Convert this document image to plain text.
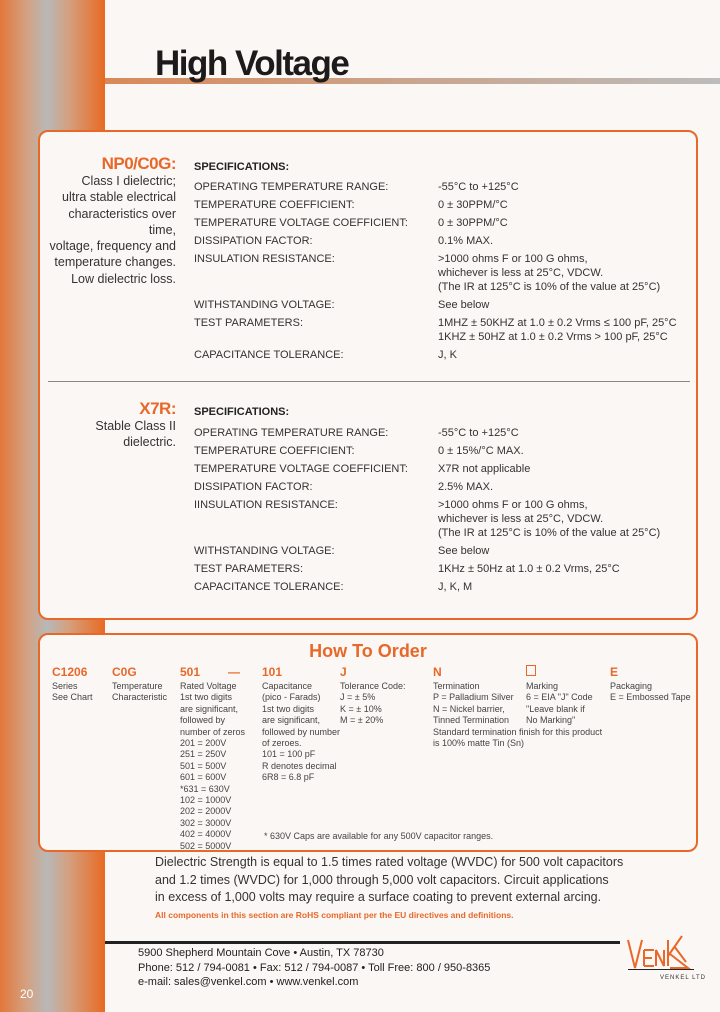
High Voltage
NP0/C0G:
Class I dielectric;
ultra stable electrical
characteristics over time,
voltage, frequency and
temperature changes.
Low dielectric loss.
SPECIFICATIONS:
OPERATING TEMPERATURE RANGE:	-55°C to +125°C
TEMPERATURE COEFFICIENT:	0 ± 30PPM/°C
TEMPERATURE VOLTAGE COEFFICIENT:	0 ± 30PPM/°C
DISSIPATION FACTOR:	0.1% MAX.
INSULATION RESISTANCE:	>1000 ohms F or 100 G ohms,
whichever is less at 25°C, VDCW.
(The IR at 125°C is 10% of the value at 25°C)
WITHSTANDING VOLTAGE:	See below
TEST PARAMETERS:	1MHZ ± 50KHZ at 1.0 ± 0.2 Vrms ≤ 100 pF, 25°C
1KHZ ± 50HZ at 1.0 ± 0.2 Vrms > 100 pF, 25°C
CAPACITANCE TOLERANCE:	J, K
X7R:
Stable Class II dielectric.
SPECIFICATIONS:
OPERATING TEMPERATURE RANGE:	-55°C to +125°C
TEMPERATURE COEFFICIENT:	0 ± 15%/°C MAX.
TEMPERATURE VOLTAGE COEFFICIENT:	X7R not applicable
DISSIPATION FACTOR:	2.5% MAX.
IINSULATION RESISTANCE:	>1000 ohms F or 100 G ohms,
whichever is less at 25°C, VDCW.
(The IR at 125°C is 10% of the value at 25°C)
WITHSTANDING VOLTAGE:	See below
TEST PARAMETERS:	1KHz ± 50Hz at 1.0 ± 0.2 Vrms, 25°C
CAPACITANCE TOLERANCE:	J, K, M
How To Order
* 630V Caps are available for any 500V capacitor ranges.
C1206
Series
See Chart
C0G
Temperature
Characteristic
501
Rated Voltage
1st two digits
are significant,
followed by
number of zeros
201 = 200V
251 = 250V
501 = 500V
601 = 600V
*631 = 630V
102 = 1000V
202 = 2000V
302 = 3000V
402 = 4000V
502 = 5000V
— 101
Capacitance
(pico - Farads)
1st two digits
are significant,
followed by number
of zeroes.
101 = 100 pF
R denotes decimal
6R8 = 6.8 pF
J
Tolerance Code:
J = ± 5%
K = ± 10%
M = ± 20%
N
Termination
P = Palladium Silver
N = Nickel barrier,
Tinned Termination
Standard termination finish for this product
is 100% matte Tin (Sn)
Marking
6 = EIA "J" Code
"Leave blank if
No Marking"
E
Packaging
E = Embossed Tape
Dielectric Strength is equal to 1.5 times rated voltage (WVDC) for 500 volt capacitors
and 1.2 times (WVDC) for 1,000 through 5,000 volt capacitors. Circuit applications
in excess of 1,000 volts may require a surface coating to prevent external arcing.
All components in this section are RoHS compliant per the EU directives and definitions.
5900 Shepherd Mountain Cove • Austin, TX 78730
Phone: 512 / 794-0081 • Fax: 512 / 794-0087 • Toll Free: 800 / 950-8365
e-mail: sales@venkel.com • www.venkel.com	VENKEL LTD
20
